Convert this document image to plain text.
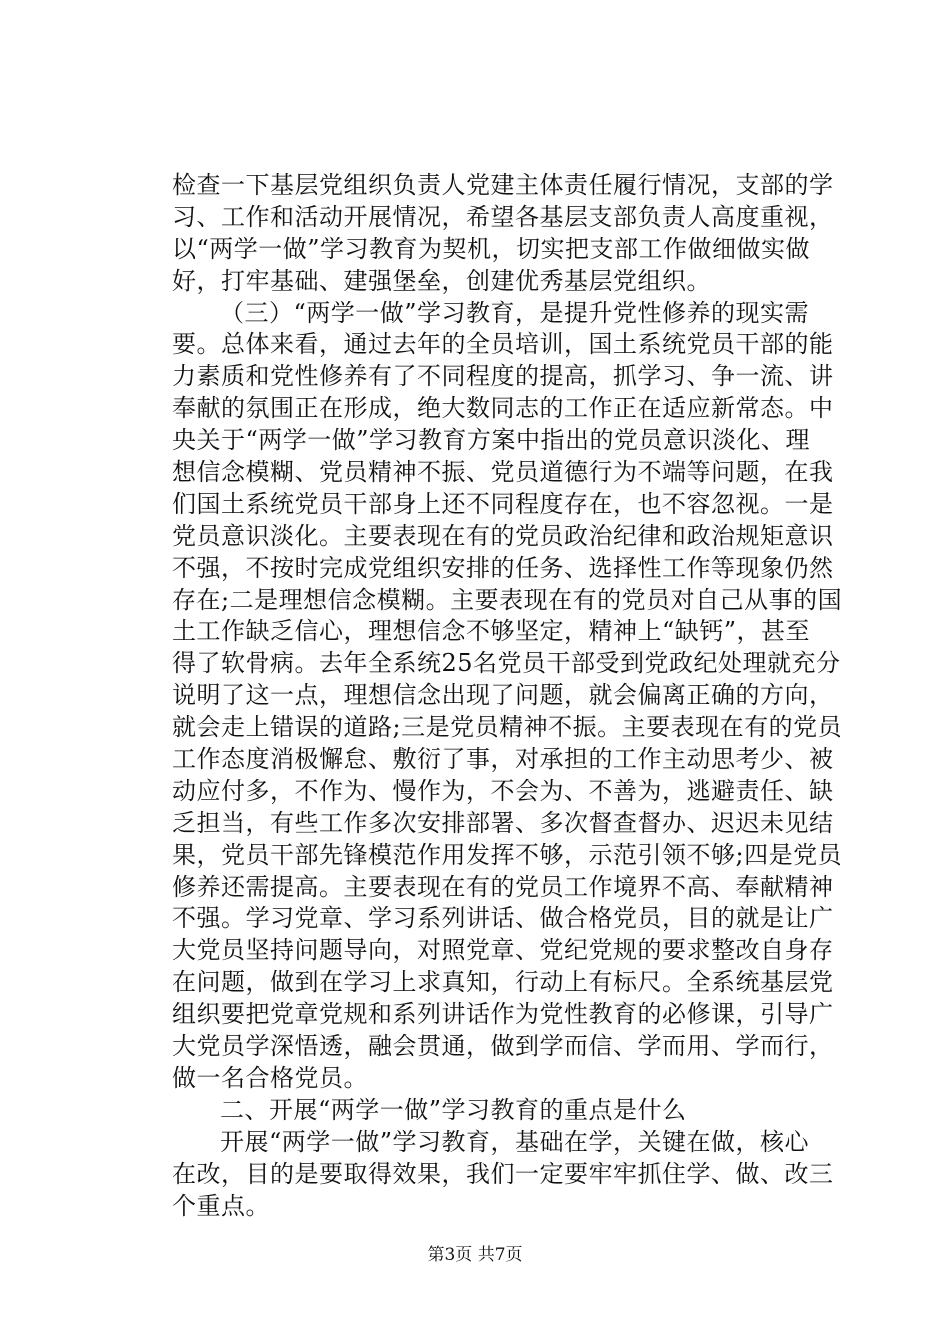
检查一下基层党组织负责人党建主体责任履行情况，支部的学
习、工作和活动开展情况，希望各基层支部负责人高度重视，
以“两学一做”学习教育为契机，切实把支部工作做细做实做
好，打牢基础、建强堡垒，创建优秀基层党组织。
（三）“两学一做”学习教育，是提升党性修养的现实需
要。总体来看，通过去年的全员培训，国土系统党员干部的能
力素质和党性修养有了不同程度的提高，抓学习、争一流、讲
奉献的氛围正在形成，绝大数同志的工作正在适应新常态。中
央关于“两学一做”学习教育方案中指出的党员意识淡化、理
想信念模糊、党员精神不振、党员道德行为不端等问题，在我
们国土系统党员干部身上还不同程度存在，也不容忽视。一是
党员意识淡化。主要表现在有的党员政治纪律和政治规矩意识
不强，不按时完成党组织安排的任务、选择性工作等现象仍然
存在;二是理想信念模糊。主要表现在有的党员对自己从事的国
土工作缺乏信心，理想信念不够坚定，精神上“缺钙”，甚至
得了软骨病。去年全系统25名党员干部受到党政纪处理就充分
说明了这一点，理想信念出现了问题，就会偏离正确的方向，
就会走上错误的道路;三是党员精神不振。主要表现在有的党员
工作态度消极懈怠、敷衍了事，对承担的工作主动思考少、被
动应付多，不作为、慢作为，不会为、不善为，逃避责任、缺
乏担当，有些工作多次安排部署、多次督查督办、迟迟未见结
果，党员干部先锋模范作用发挥不够，示范引领不够;四是党员
修养还需提高。主要表现在有的党员工作境界不高、奉献精神
不强。学习党章、学习系列讲话、做合格党员，目的就是让广
大党员坚持问题导向，对照党章、党纪党规的要求整改自身存
在问题，做到在学习上求真知，行动上有标尺。全系统基层党
组织要把党章党规和系列讲话作为党性教育的必修课，引导广
大党员学深悟透，融会贯通，做到学而信、学而用、学而行，
做一名合格党员。
二、开展“两学一做”学习教育的重点是什么
开展“两学一做”学习教育，基础在学，关键在做，核心
在改，目的是要取得效果，我们一定要牢牢抓住学、做、改三
个重点。
第3页 共7页
